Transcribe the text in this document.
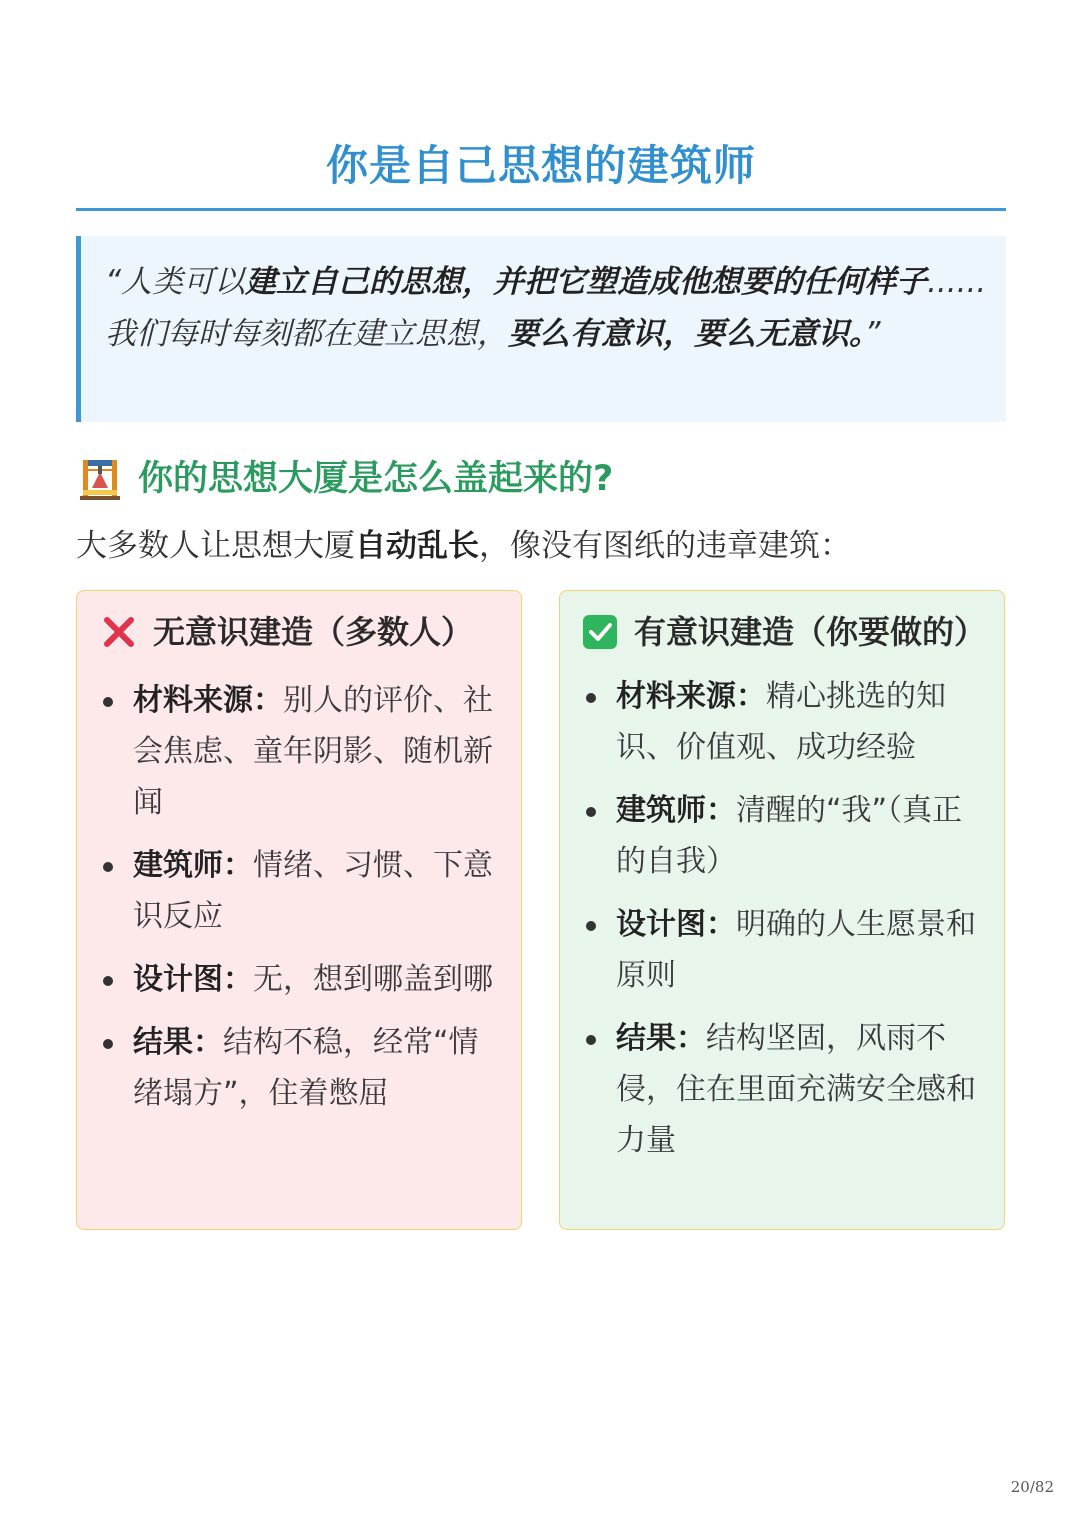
你是自己思想的建筑师

“人类可以建立自己的思想，并把它塑造成他想要的任何样子......我们每时每刻都在建立思想，要么有意识，要么无意识。”

你的思想大厦是怎么盖起来的?
大多数人让思想大厦自动乱长，像没有图纸的违章建筑：
无意识建造（多数人）
材料来源：别人的评价、社会焦虑、童年阴影、随机新闻
建筑师：情绪、习惯、下意识反应
设计图：无，想到哪盖到哪
结果：结构不稳，经常“情绪塌方”，住着憋屈
有意识建造（你要做的）
材料来源：精心挑选的知识、价值观、成功经验
建筑师：清醒的“我”（真正的自我）
设计图：明确的人生愿景和原则
结果：结构坚固，风雨不侵，住在里面充满安全感和力量
20/82
